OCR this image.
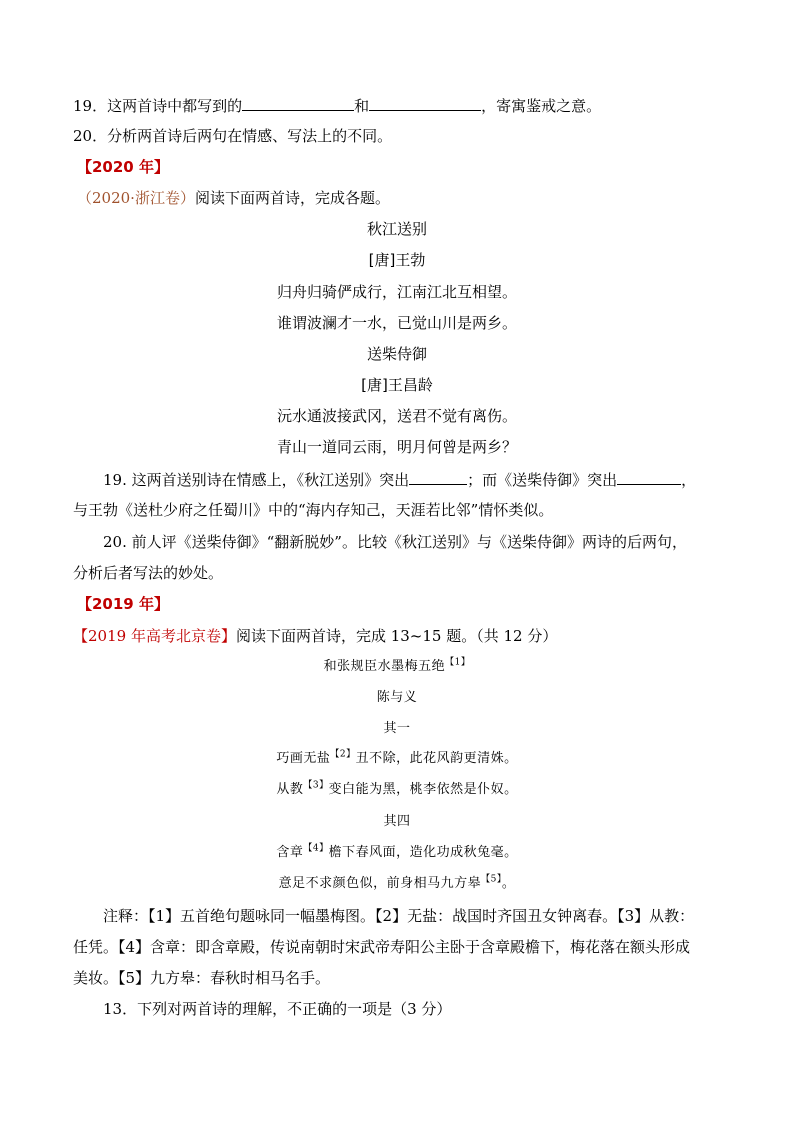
19．这两首诗中都写到的	和	，寄寓鉴戒之意。
20．分析两首诗后两句在情感、写法上的不同。
【2020 年】
（2020·浙江卷）阅读下面两首诗，完成各题。
秋江送别
[唐]王勃
归舟归骑俨成行，江南江北互相望。
谁谓波澜才一水，已觉山川是两乡。
送柴侍御
[唐]王昌龄
沅水通波接武冈，送君不觉有离伤。
青山一道同云雨，明月何曾是两乡？
19. 这两首送别诗在情感上，《秋江送别》突出	；而《送柴侍御》突出	，
与王勃《送杜少府之任蜀川》中的“海内存知己，天涯若比邻”情怀类似。
20. 前人评《送柴侍御》“翻新脱妙”。比较《秋江送别》与《送柴侍御》两诗的后两句，
分析后者写法的妙处。
【2019 年】
【2019 年高考北京卷】阅读下面两首诗，完成 13~15 题。（共 12 分）
和张规臣水墨梅五绝$^{【1】}$
陈与义
其一
巧画无盐$^{【2】}$丑不除，此花风韵更清姝。
从教$^{【3】}$变白能为黑，桃李依然是仆奴。
其四
含章$^{【4】}$檐下春风面，造化功成秋兔毫。
意足不求颜色似，前身相马九方皋$^{【5】}$。
注释：【1】五首绝句题咏同一幅墨梅图。【2】无盐：战国时齐国丑女钟离春。【3】从教：
任凭。【4】含章：即含章殿，传说南朝时宋武帝寿阳公主卧于含章殿檐下，梅花落在额头形成
美妆。【5】九方皋：春秋时相马名手。
13．下列对两首诗的理解，不正确的一项是（3 分）
